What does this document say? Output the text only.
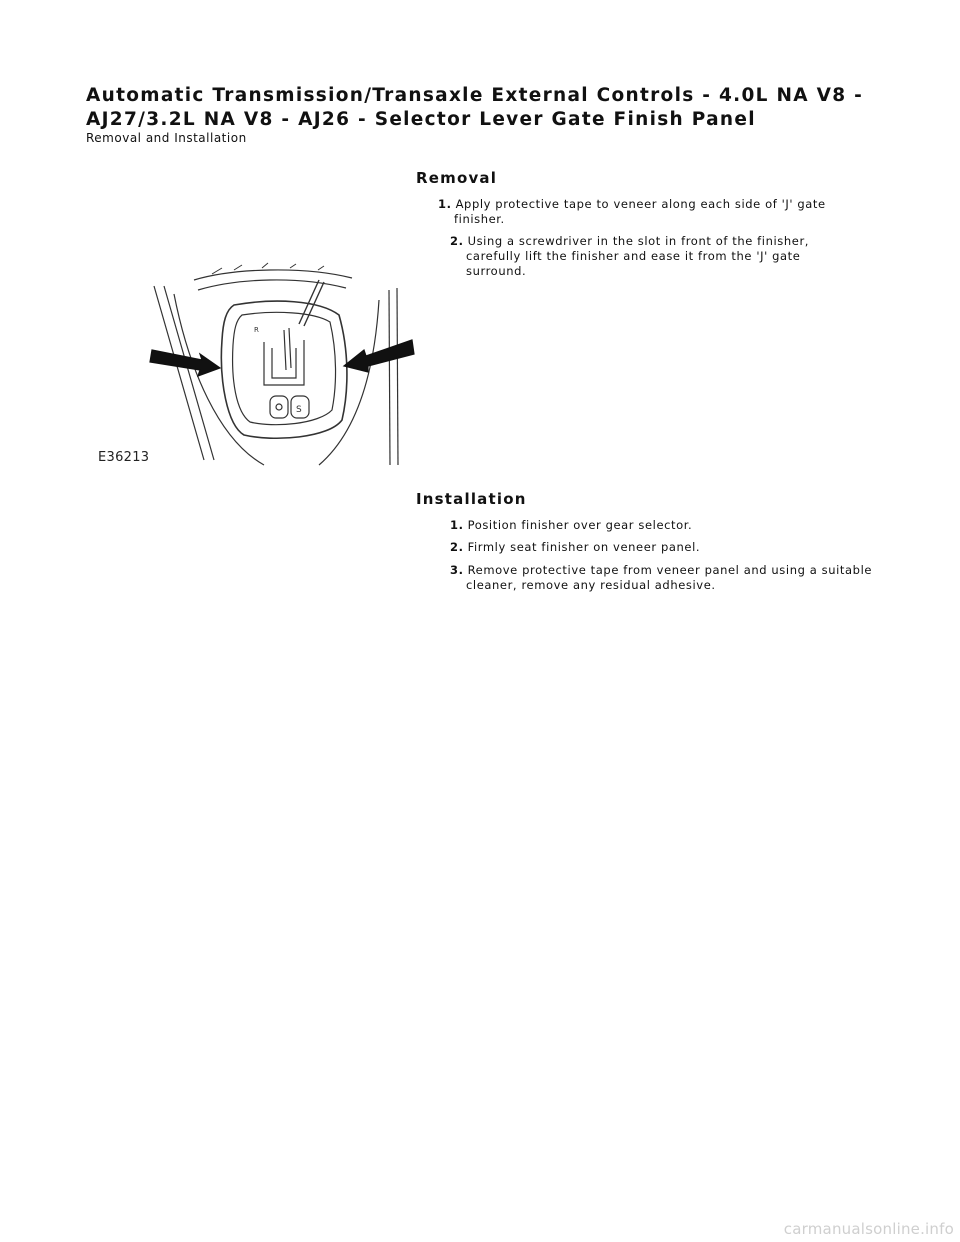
Automatic Transmission/Transaxle External Controls - 4.0L NA V8 - AJ27/3.2L NA V8 - AJ26 - Selector Lever Gate Finish Panel
Removal and Installation
Removal
1. Apply protective tape to veneer along each side of 'J' gate
finisher.
2. Using a screwdriver in the slot in front of the finisher,
carefully lift the finisher and ease it from the 'J' gate
surround.
S
R
E36213
Installation
1. Position finisher over gear selector.
2. Firmly seat finisher on veneer panel.
3. Remove protective tape from veneer panel and using a suitable
cleaner, remove any residual adhesive.
carmanualsonline.info
